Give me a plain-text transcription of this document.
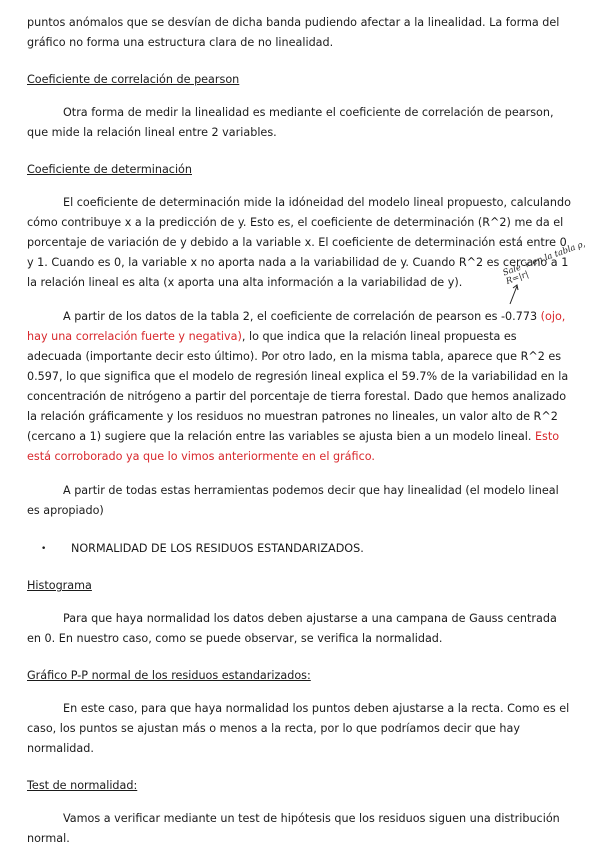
puntos anómalos que se desvían de dicha banda pudiendo afectar a la linealidad. La forma del gráfico no forma una estructura clara de no linealidad.

Coeficiente de correlación de pearson

Otra forma de medir la linealidad es mediante el coeficiente de correlación de pearson, que mide la relación lineal entre 2 variables.

Coeficiente de determinación

El coeficiente de determinación mide la idóneidad del modelo lineal propuesto, calculando cómo contribuye x a la predicción de y. Esto es, el coeficiente de determinación (R^2) me da el porcentaje de variación de y debido a la variable x. El coeficiente de determinación está entre 0 y 1. Cuando es 0, la variable x no aporta nada a la variabilidad de y. Cuando R^2 es cercano a 1 la relación lineal es alta (x aporta una alta información a la variabilidad de y).

A partir de los datos de la tabla 2, el coeficiente de correlación de pearson es -0.773 (ojo, hay una correlación fuerte y negativa), lo que indica que la relación lineal propuesta es adecuada (importante decir esto último). Por otro lado, en la misma tabla, aparece que R^2 es 0.597, lo que significa que el modelo de regresión lineal explica el 59.7% de la variabilidad en la concentración de nitrógeno a partir del porcentaje de tierra forestal. Dado que hemos analizado la relación gráficamente y los residuos no muestran patrones no lineales, un valor alto de R^2 (cercano a 1) sugiere que la relación entre las variables se ajusta bien a un modelo lineal. Esto está corroborado ya que lo vimos anteriormente en el gráfico.

A partir de todas estas herramientas podemos decir que hay linealidad (el modelo lineal es apropiado)

•	NORMALIDAD DE LOS RESIDUOS ESTANDARIZADOS.
Histograma

Para que haya normalidad los datos deben ajustarse a una campana de Gauss centrada en 0. En nuestro caso, como se puede observar, se verifica la normalidad.

Gráfico P-P normal de los residuos estandarizados:

En este caso, para que haya normalidad los puntos deben ajustarse a la recta. Como es el caso, los puntos se ajustan más o menos a la recta, por lo que podríamos decir que hay normalidad.

Test de normalidad:

Vamos a verificar mediante un test de hipótesis que los residuos siguen una distribución normal.

Sale + en la tabla ρ, R=|r|
